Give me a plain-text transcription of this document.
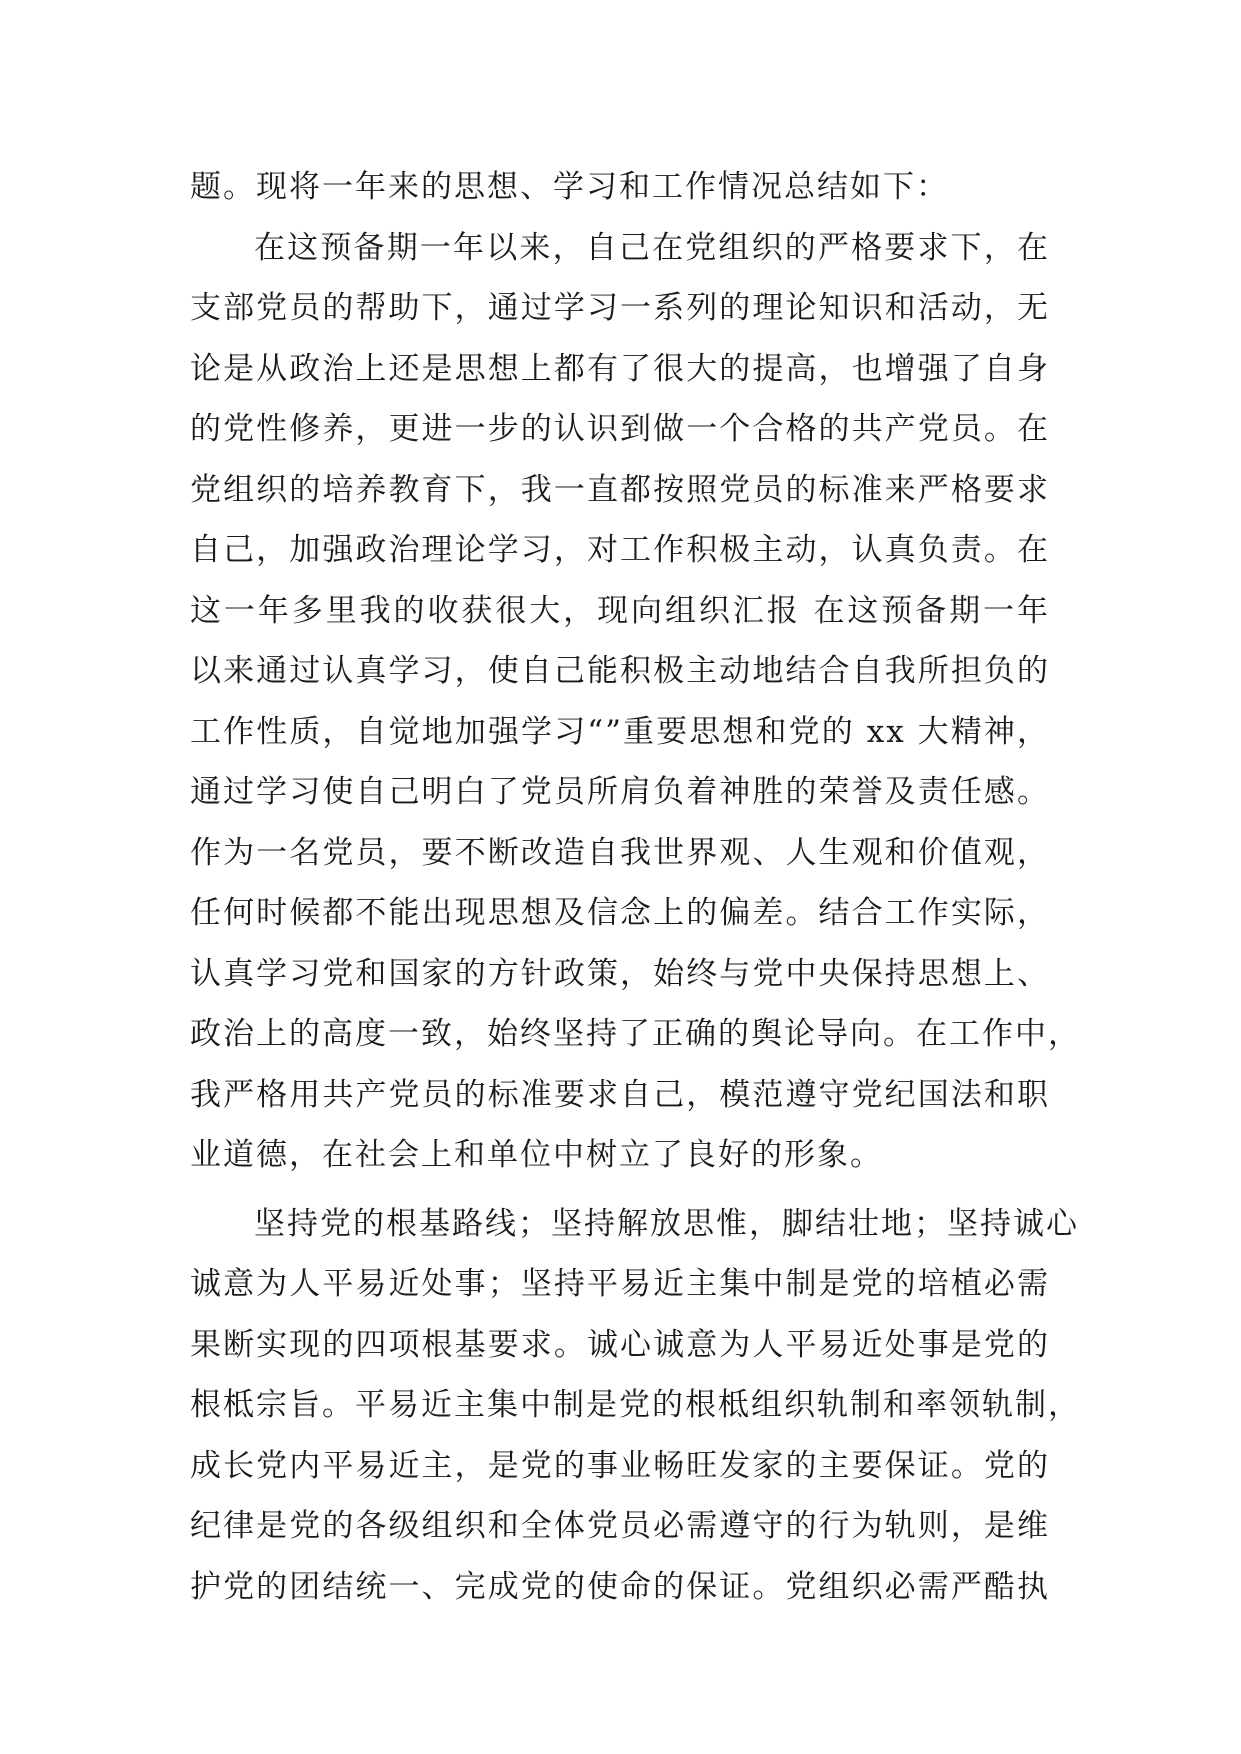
题。现将一年来的思想、学习和工作情况总结如下：
在这预备期一年以来，自己在党组织的严格要求下，在
支部党员的帮助下，通过学习一系列的理论知识和活动，无
论是从政治上还是思想上都有了很大的提高，也增强了自身
的党性修养，更进一步的认识到做一个合格的共产党员。在
党组织的培养教育下，我一直都按照党员的标准来严格要求
自己，加强政治理论学习，对工作积极主动，认真负责。在
这一年多里我的收获很大，现向组织汇报 在这预备期一年
以来通过认真学习，使自己能积极主动地结合自我所担负的
工作性质，自觉地加强学习“”重要思想和党的 xx 大精神，
通过学习使自己明白了党员所肩负着神胜的荣誉及责任感。
作为一名党员，要不断改造自我世界观、人生观和价值观，
任何时候都不能出现思想及信念上的偏差。结合工作实际，
认真学习党和国家的方针政策，始终与党中央保持思想上、
政治上的高度一致，始终坚持了正确的舆论导向。在工作中，
我严格用共产党员的标准要求自己，模范遵守党纪国法和职
业道德，在社会上和单位中树立了良好的形象。
坚持党的根基路线；坚持解放思惟，脚结壮地；坚持诚心
诚意为人平易近处事；坚持平易近主集中制是党的培植必需
果断实现的四项根基要求。诚心诚意为人平易近处事是党的
根柢宗旨。平易近主集中制是党的根柢组织轨制和率领轨制，
成长党内平易近主，是党的事业畅旺发家的主要保证。党的
纪律是党的各级组织和全体党员必需遵守的行为轨则，是维
护党的团结统一、完成党的使命的保证。党组织必需严酷执
